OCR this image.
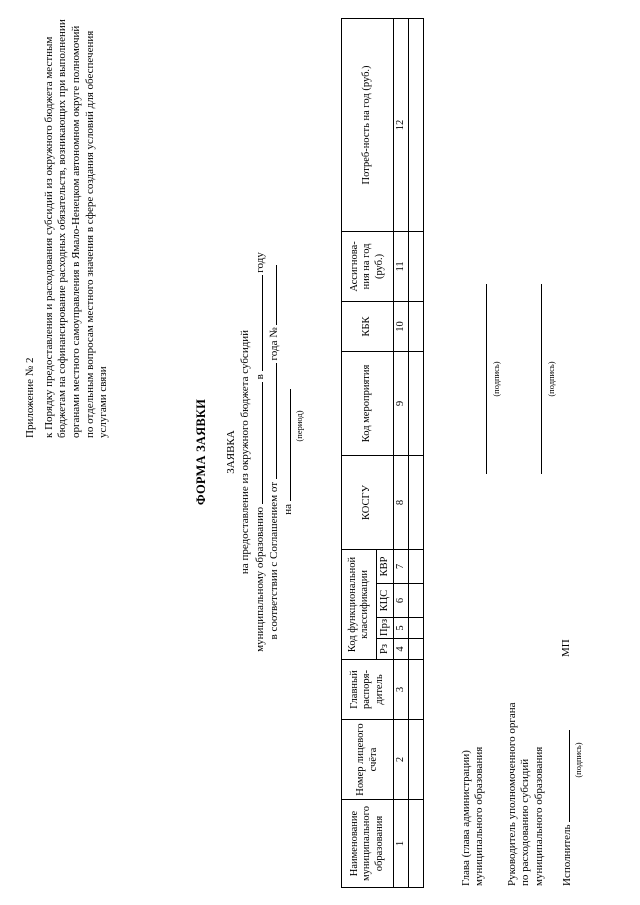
Приложение № 2 к Порядку предоставления и расходования субсидий из окружного бюджета местным бюджетам на софинансирование расходных обязательств, возникающих при выполнении органами местного самоуправления в Ямало-Ненецком автономном округе полномочий по отдельным вопросам местного значения в сфере создания условий для обеспечения услугами связи	ФОРМА ЗАЯВКИ ЗАЯВКА на предоставление из окружного бюджета субсидий
муниципальному образованию  в  году
в соответствии с Соглашением от  года №
на
(период)
Наименование муниципального образования	Номер лицевого счёта	Главный распоря-дитель	Код функциональной классификации				КОСГУ	Код мероприятия	КБК	Ассигнова-ния на год (руб.)	Потреб-ность на год (руб.)
			Рз	Прз	КЦС	КВР					
1	2	3	4	5	6	7	8	9	10	11	12

Глава (глава администрации) муниципального образования
(подпись)
Руководитель уполномоченного органа по расходованию субсидий муниципального образования
(подпись)
Исполнитель
(подпись)
МП
